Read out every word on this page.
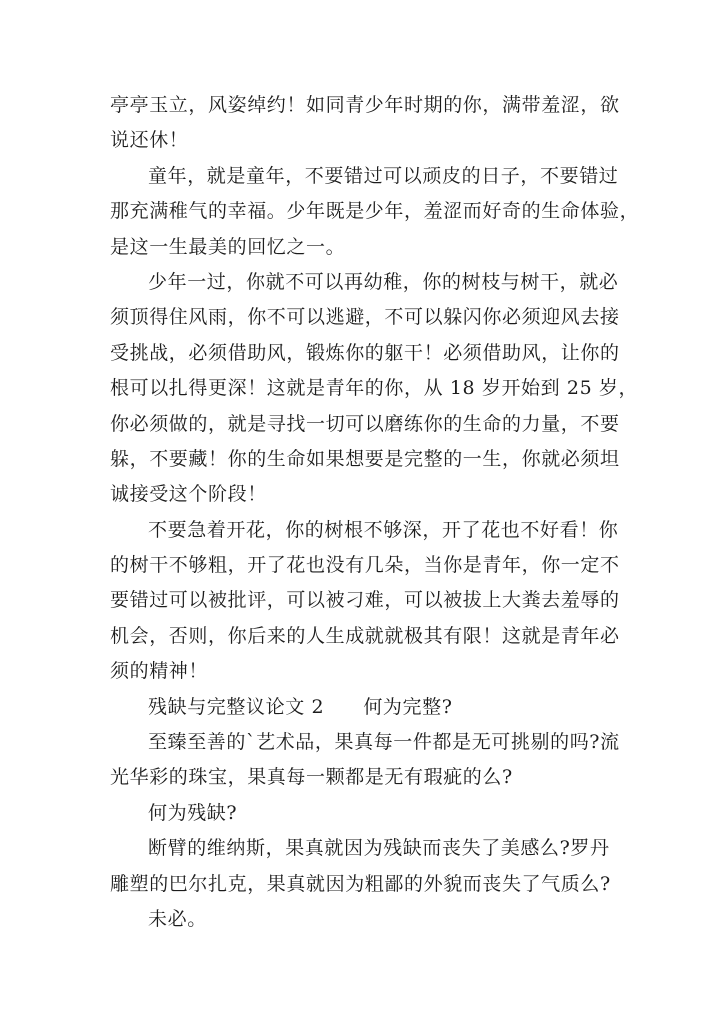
亭亭玉立，风姿绰约！如同青少年时期的你，满带羞涩，欲
说还休！
童年，就是童年，不要错过可以顽皮的日子，不要错过
那充满稚气的幸福。少年既是少年，羞涩而好奇的生命体验，
是这一生最美的回忆之一。
少年一过，你就不可以再幼稚，你的树枝与树干，就必
须顶得住风雨，你不可以逃避，不可以躲闪你必须迎风去接
受挑战，必须借助风，锻炼你的躯干！必须借助风，让你的
根可以扎得更深！这就是青年的你，从 18 岁开始到 25 岁，
你必须做的，就是寻找一切可以磨练你的生命的力量，不要
躲，不要藏！你的生命如果想要是完整的一生，你就必须坦
诚接受这个阶段！
不要急着开花，你的树根不够深，开了花也不好看！你
的树干不够粗，开了花也没有几朵，当你是青年，你一定不
要错过可以被批评，可以被刁难，可以被拔上大粪去羞辱的
机会，否则，你后来的人生成就就极其有限！这就是青年必
须的精神！
残缺与完整议论文 2　　何为完整?
至臻至善的`艺术品，果真每一件都是无可挑剔的吗?流
光华彩的珠宝，果真每一颗都是无有瑕疵的么?
何为残缺?
断臂的维纳斯，果真就因为残缺而丧失了美感么?罗丹
雕塑的巴尔扎克，果真就因为粗鄙的外貌而丧失了气质么?
未必。
